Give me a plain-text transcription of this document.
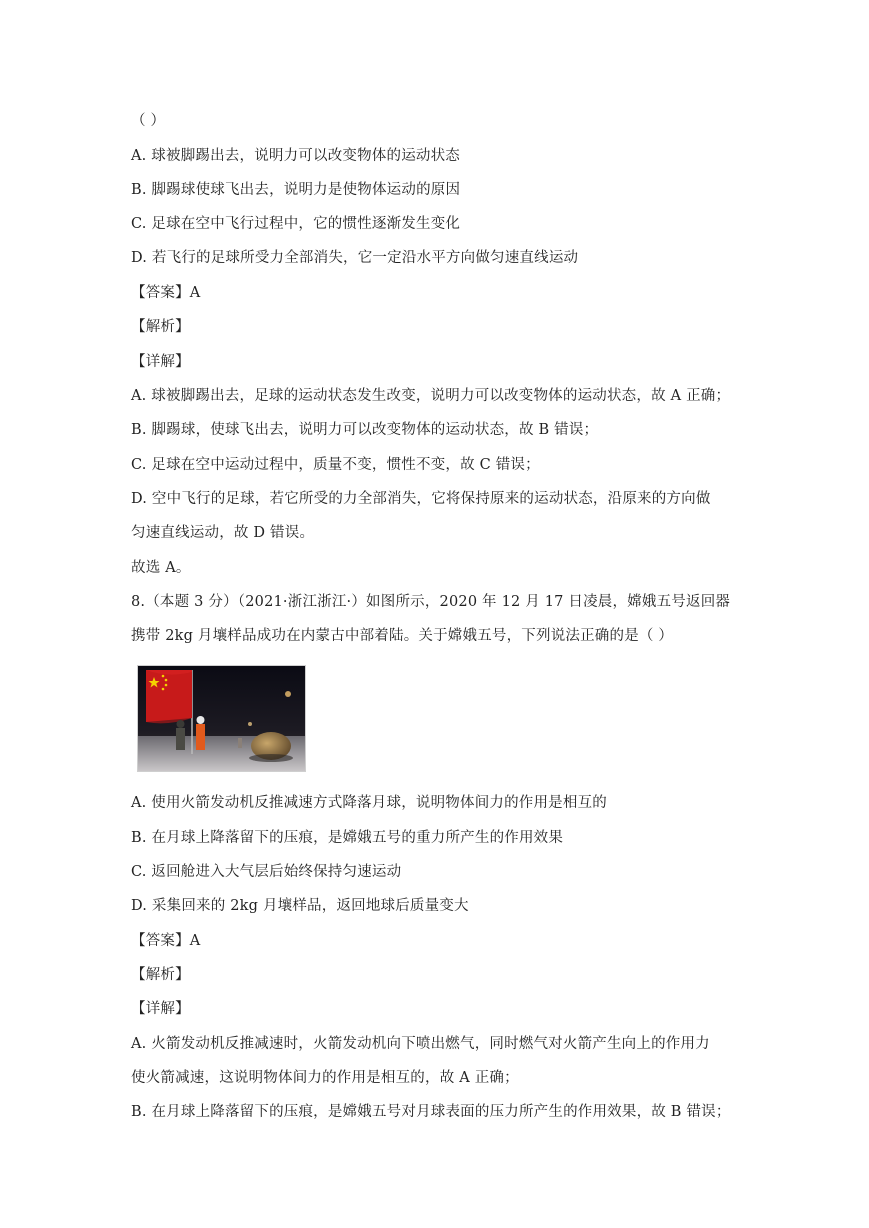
（ ）
A. 球被脚踢出去，说明力可以改变物体的运动状态
B. 脚踢球使球飞出去，说明力是使物体运动的原因
C. 足球在空中飞行过程中，它的惯性逐渐发生变化
D. 若飞行的足球所受力全部消失，它一定沿水平方向做匀速直线运动
【答案】A
【解析】
【详解】
A. 球被脚踢出去，足球的运动状态发生改变，说明力可以改变物体的运动状态，故 A 正确；
B. 脚踢球，使球飞出去，说明力可以改变物体的运动状态，故 B 错误；
C. 足球在空中运动过程中，质量不变，惯性不变，故 C 错误；
D. 空中飞行的足球，若它所受的力全部消失，它将保持原来的运动状态，沿原来的方向做
匀速直线运动，故 D 错误。
故选 A。
8.（本题 3 分）（2021·浙江浙江·）如图所示，2020 年 12 月 17 日凌晨，嫦娥五号返回器
携带 2kg 月壤样品成功在内蒙古中部着陆。关于嫦娥五号，下列说法正确的是（ ）
A. 使用火箭发动机反推减速方式降落月球，说明物体间力的作用是相互的
B. 在月球上降落留下的压痕，是嫦娥五号的重力所产生的作用效果
C. 返回舱进入大气层后始终保持匀速运动
D. 采集回来的 2kg 月壤样品，返回地球后质量变大
【答案】A
【解析】
【详解】
A. 火箭发动机反推减速时，火箭发动机向下喷出燃气，同时燃气对火箭产生向上的作用力
使火箭减速，这说明物体间力的作用是相互的，故 A 正确；
B. 在月球上降落留下的压痕，是嫦娥五号对月球表面的压力所产生的作用效果，故 B 错误；
